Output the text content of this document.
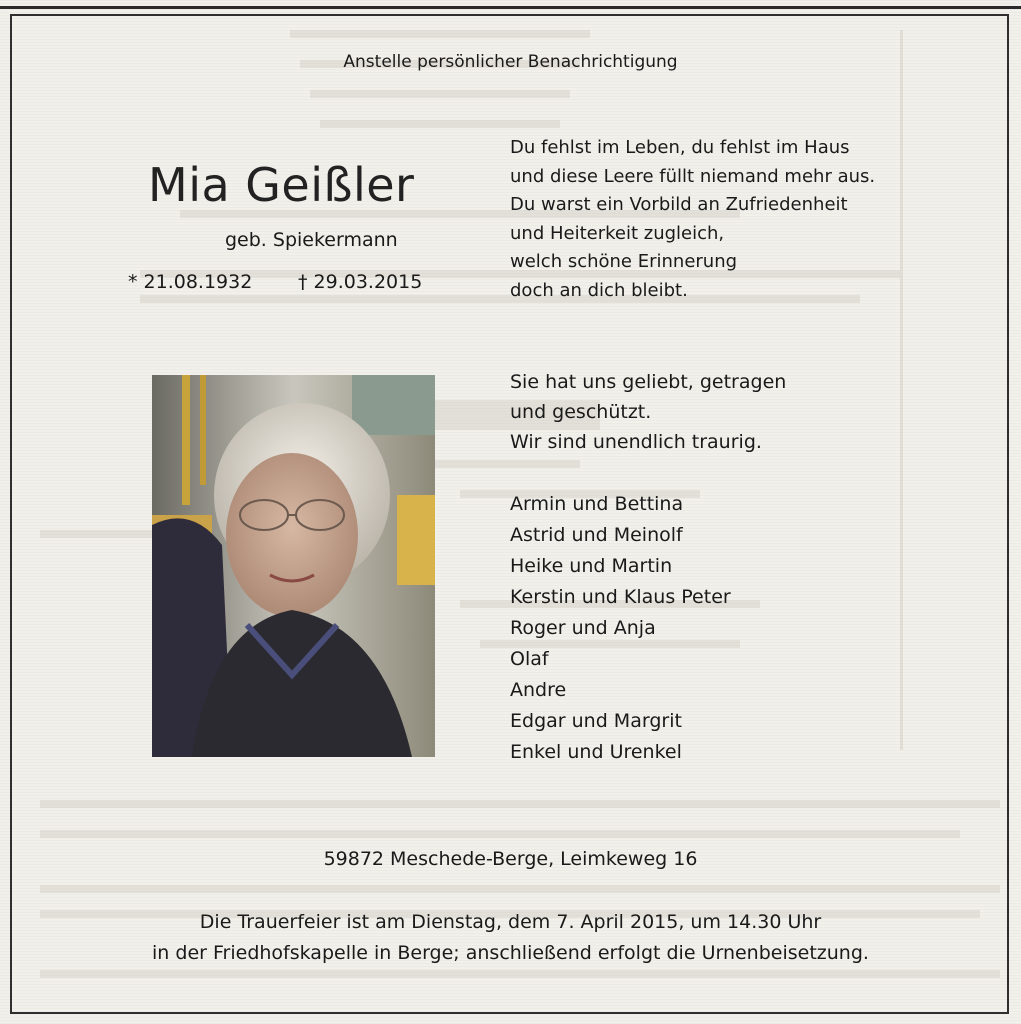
Anstelle persönlicher Benachrichtigung
Mia Geißler
geb. Spiekermann
* 21.08.1932 † 29.03.2015
Du fehlst im Leben, du fehlst im Haus
und diese Leere füllt niemand mehr aus.
Du warst ein Vorbild an Zufriedenheit
und Heiterkeit zugleich,
welch schöne Erinnerung
doch an dich bleibt.
Sie hat uns geliebt, getragen
und geschützt.
Wir sind unendlich traurig.
Armin und Bettina
Astrid und Meinolf
Heike und Martin
Kerstin und Klaus Peter
Roger und Anja
Olaf
Andre
Edgar und Margrit
Enkel und Urenkel
59872 Meschede-Berge, Leimkeweg 16
Die Trauerfeier ist am Dienstag, dem 7. April 2015, um 14.30 Uhr
in der Friedhofskapelle in Berge; anschließend erfolgt die Urnenbeisetzung.
